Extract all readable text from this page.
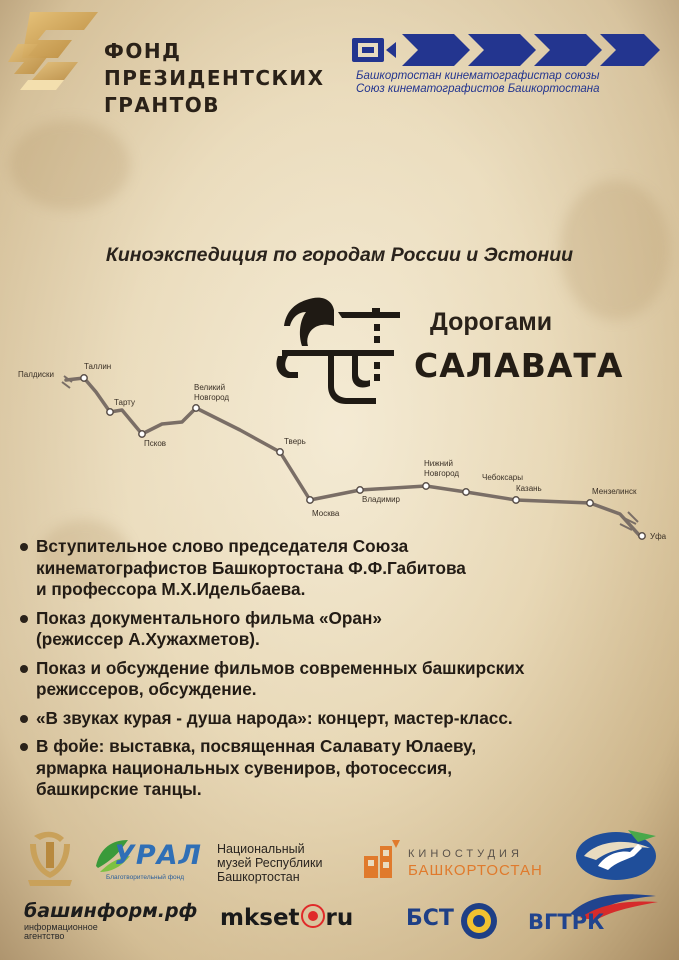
ФОНД
ПРЕЗИДЕНТСКИХ
ГРАНТОВ
Башкортостан кинематографистар союзы
Союз кинематографистов Башкортостана
Киноэкспедиция по городам России и Эстонии
Дорогами
САЛАВАТА
Палдиски
Таллин
Тарту
Псков
Великий Новгород
Тверь
Москва
Владимир
Нижний Новгород	Чебоксары
Казань	Мензелинск
Уфа
Вступительное слово председателя Союза
кинематографистов Башкортостана Ф.Ф.Габитова
и профессора М.Х.Идельбаева.
Показ документального фильма «Оран»
(режиссер А.Хужахметов).
Показ и обсуждение фильмов современных башкирских
режиссеров, обсуждение.
«В звуках курая - душа народа»: концерт, мастер-класс.
В фойе: выставка, посвященная Салавату Юлаеву,
ярмарка национальных сувениров, фотосессия,
башкирские танцы.
УРАЛ
Благотворительный фонд
Национальный
музей Республики
Башкортостан
КИНОСТУДИЯ
БАШКОРТОСТАН
башинформ.рф
информационное
агентство
mkset ru	БСТ	ВГТРК
